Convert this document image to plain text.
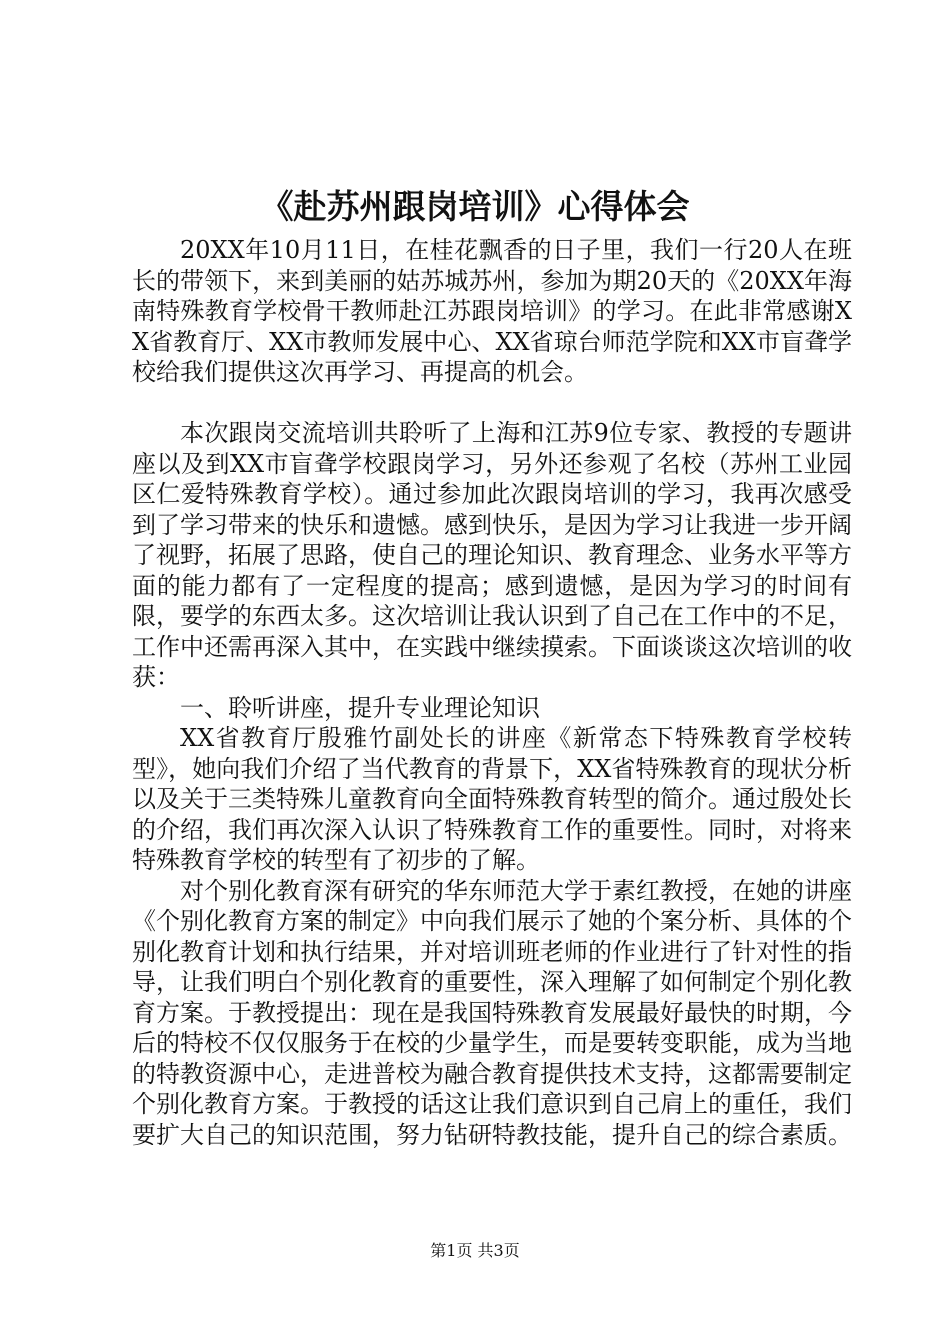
《赴苏州跟岗培训》心得体会

20XX年10月11日，在桂花飘香的日子里，我们一行20人在班长的带领下，来到美丽的姑苏城苏州，参加为期20天的《20XX年海南特殊教育学校骨干教师赴江苏跟岗培训》的学习。在此非常感谢XX省教育厅、XX市教师发展中心、XX省琼台师范学院和XX市盲聋学校给我们提供这次再学习、再提高的机会。

本次跟岗交流培训共聆听了上海和江苏9位专家、教授的专题讲座以及到XX市盲聋学校跟岗学习，另外还参观了名校（苏州工业园区仁爱特殊教育学校）。通过参加此次跟岗培训的学习，我再次感受到了学习带来的快乐和遗憾。感到快乐，是因为学习让我进一步开阔了视野，拓展了思路，使自己的理论知识、教育理念、业务水平等方面的能力都有了一定程度的提高；感到遗憾，是因为学习的时间有限，要学的东西太多。这次培训让我认识到了自己在工作中的不足，工作中还需再深入其中，在实践中继续摸索。下面谈谈这次培训的收获：

一、聆听讲座，提升专业理论知识

XX省教育厅殷雅竹副处长的讲座《新常态下特殊教育学校转型》，她向我们介绍了当代教育的背景下，XX省特殊教育的现状分析以及关于三类特殊儿童教育向全面特殊教育转型的简介。通过殷处长的介绍，我们再次深入认识了特殊教育工作的重要性。同时，对将来特殊教育学校的转型有了初步的了解。

对个别化教育深有研究的华东师范大学于素红教授，在她的讲座《个别化教育方案的制定》中向我们展示了她的个案分析、具体的个别化教育计划和执行结果，并对培训班老师的作业进行了针对性的指导，让我们明白个别化教育的重要性，深入理解了如何制定个别化教育方案。于教授提出：现在是我国特殊教育发展最好最快的时期，今后的特校不仅仅服务于在校的少量学生，而是要转变职能，成为当地的特教资源中心，走进普校为融合教育提供技术支持，这都需要制定个别化教育方案。于教授的话这让我们意识到自己肩上的重任，我们要扩大自己的知识范围，努力钻研特教技能，提升自己的综合素质。

第1页 共3页
